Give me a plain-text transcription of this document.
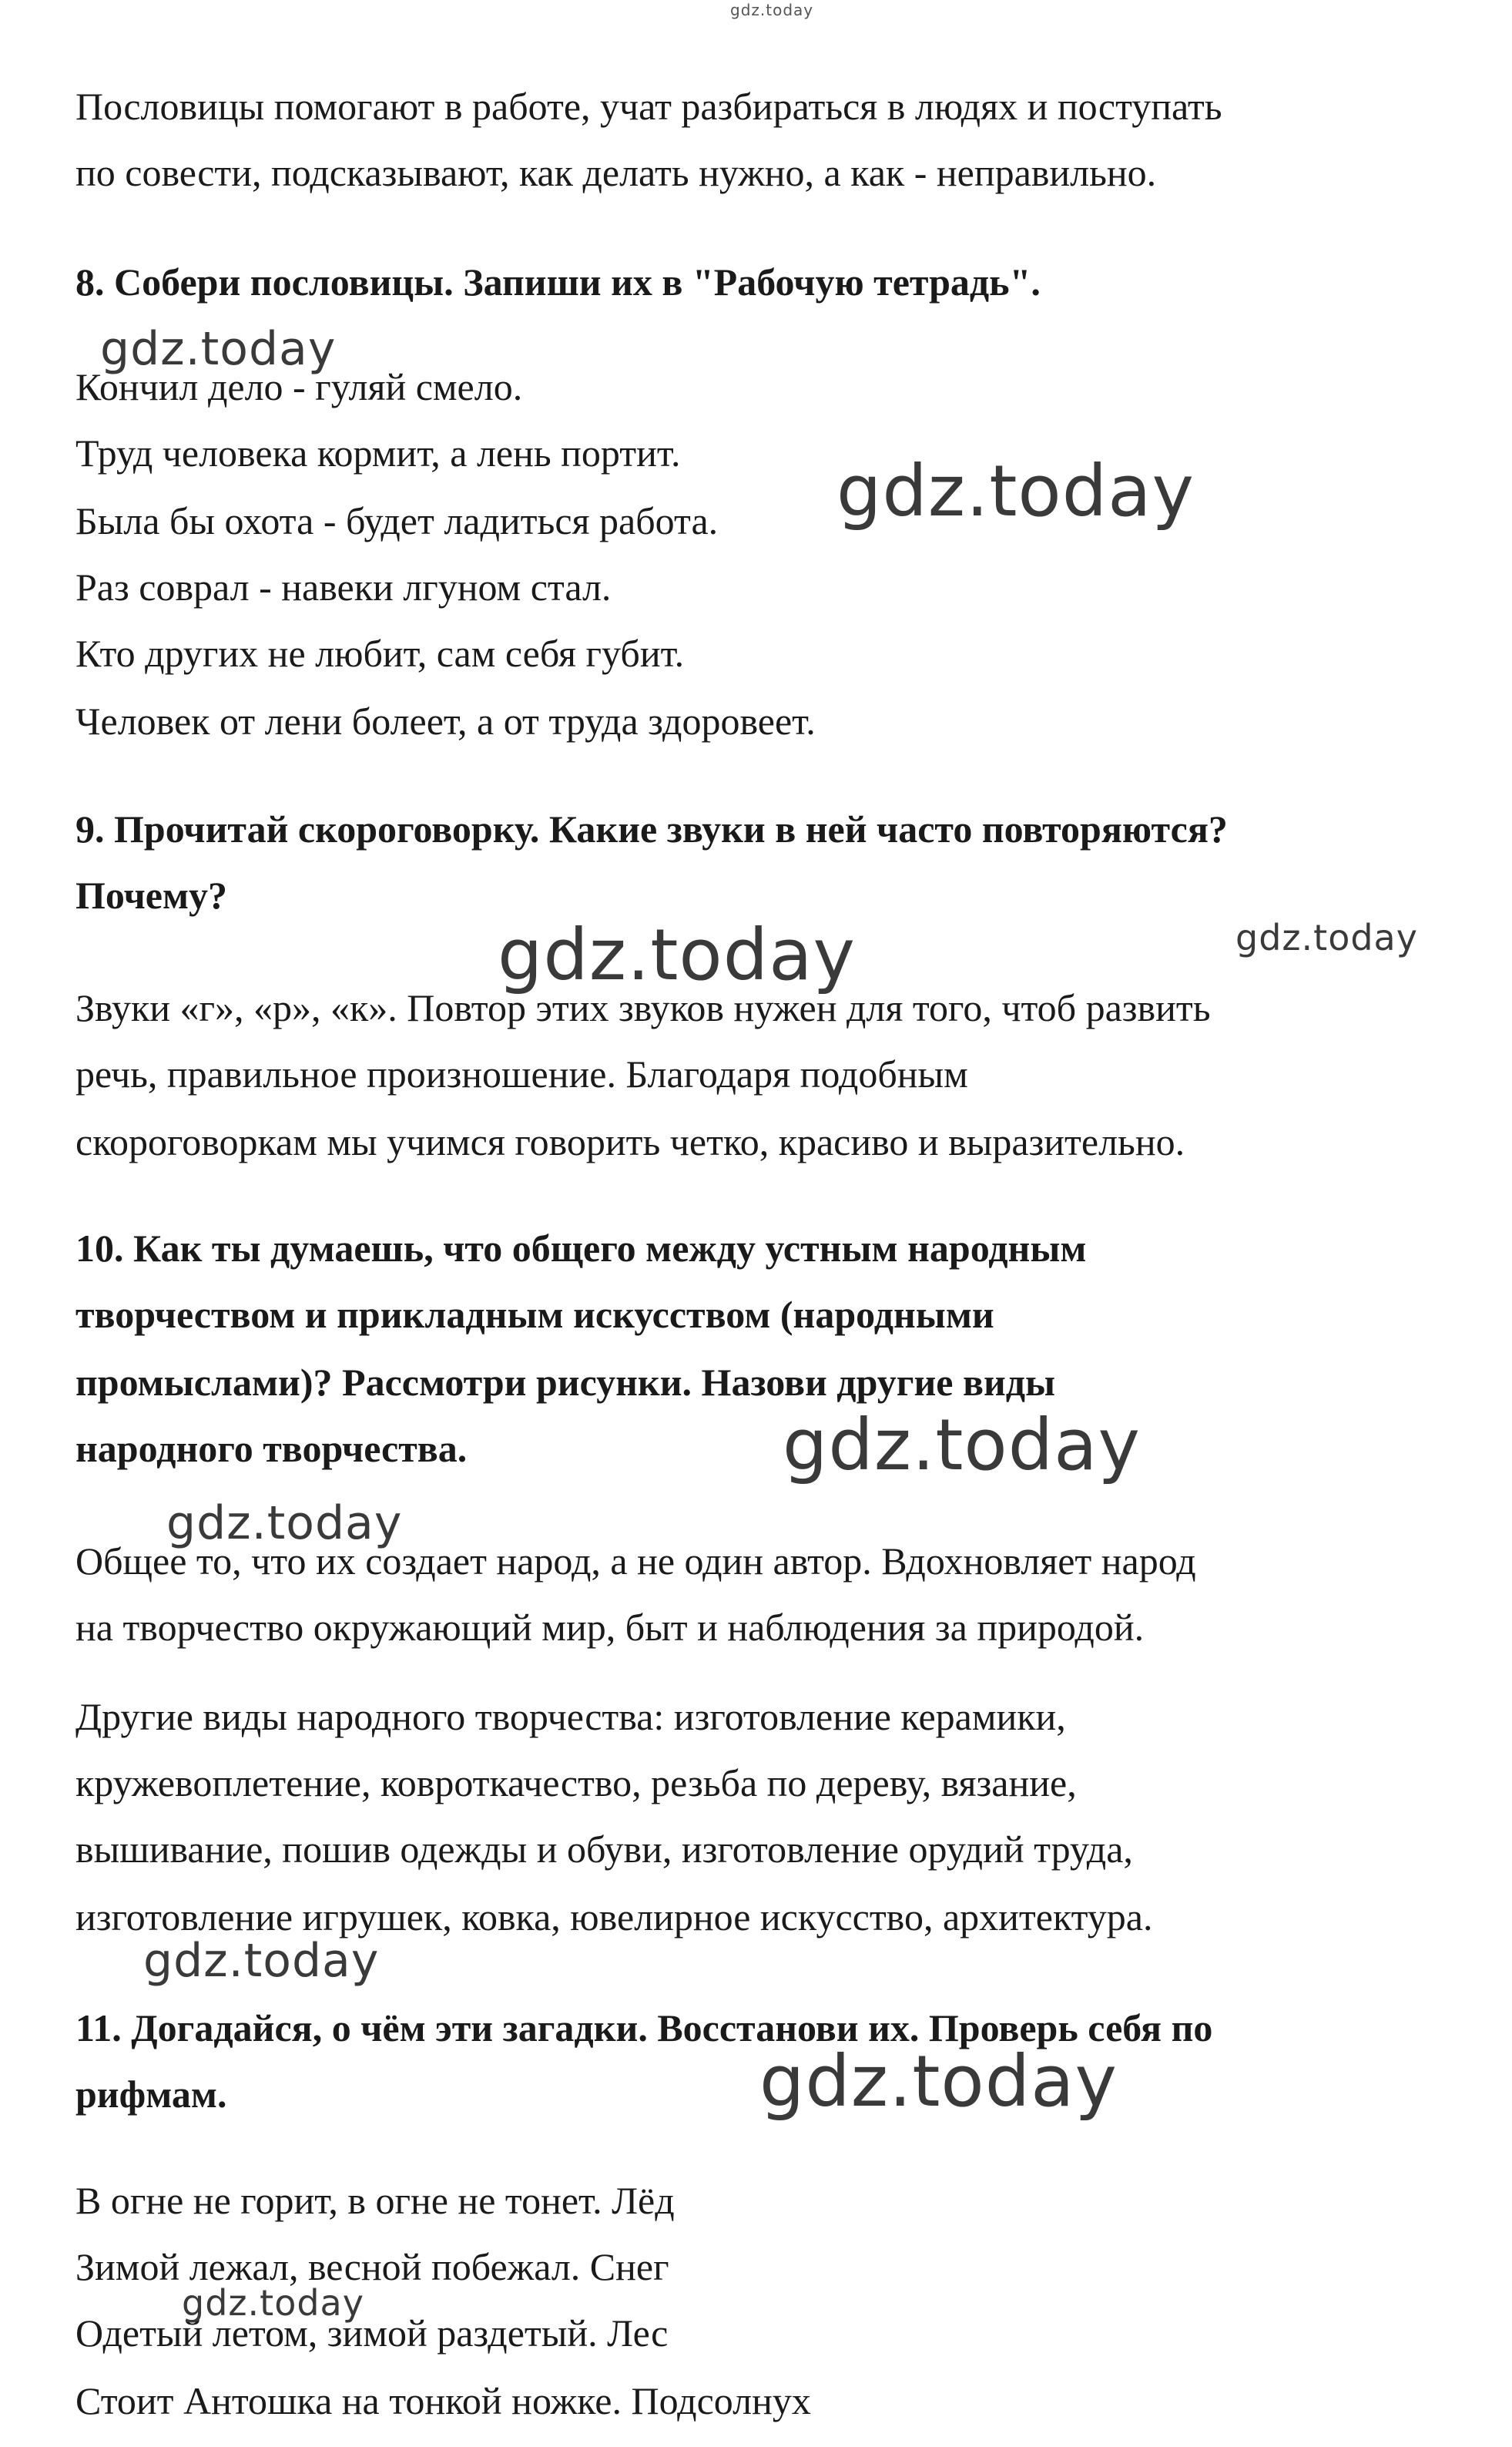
gdz.today
Пословицы помогают в работе, учат разбираться в людях и поступать
по совести, подсказывают, как делать нужно, а как - неправильно.
8. Собери пословицы. Запиши их в "Рабочую тетрадь".
Кончил дело - гуляй смело.
Труд человека кормит, а лень портит.
Была бы охота - будет ладиться работа.
Раз соврал - навеки лгуном стал.
Кто других не любит, сам себя губит.
Человек от лени болеет, а от труда здоровеет.
9. Прочитай скороговорку. Какие звуки в ней часто повторяются?
Почему?
Звуки «г», «р», «к». Повтор этих звуков нужен для того, чтоб развить
речь, правильное произношение. Благодаря подобным
скороговоркам мы учимся говорить четко, красиво и выразительно.
10. Как ты думаешь, что общего между устным народным
творчеством и прикладным искусством (народными
промыслами)? Рассмотри рисунки. Назови другие виды
народного творчества.
Общее то, что их создает народ, а не один автор. Вдохновляет народ
на творчество окружающий мир, быт и наблюдения за природой.
Другие виды народного творчества: изготовление керамики,
кружевоплетение, ковроткачество, резьба по дереву, вязание,
вышивание, пошив одежды и обуви, изготовление орудий труда,
изготовление игрушек, ковка, ювелирное искусство, архитектура.
11. Догадайся, о чём эти загадки. Восстанови их. Проверь себя по
рифмам.
В огне не горит, в огне не тонет. Лёд
Зимой лежал, весной побежал. Снег
Одетый летом, зимой раздетый. Лес
Стоит Антошка на тонкой ножке. Подсолнух
gdz.today
gdz.today
gdz.today	gdz.today
gdz.today
gdz.today
gdz.today
gdz.today
gdz.today
